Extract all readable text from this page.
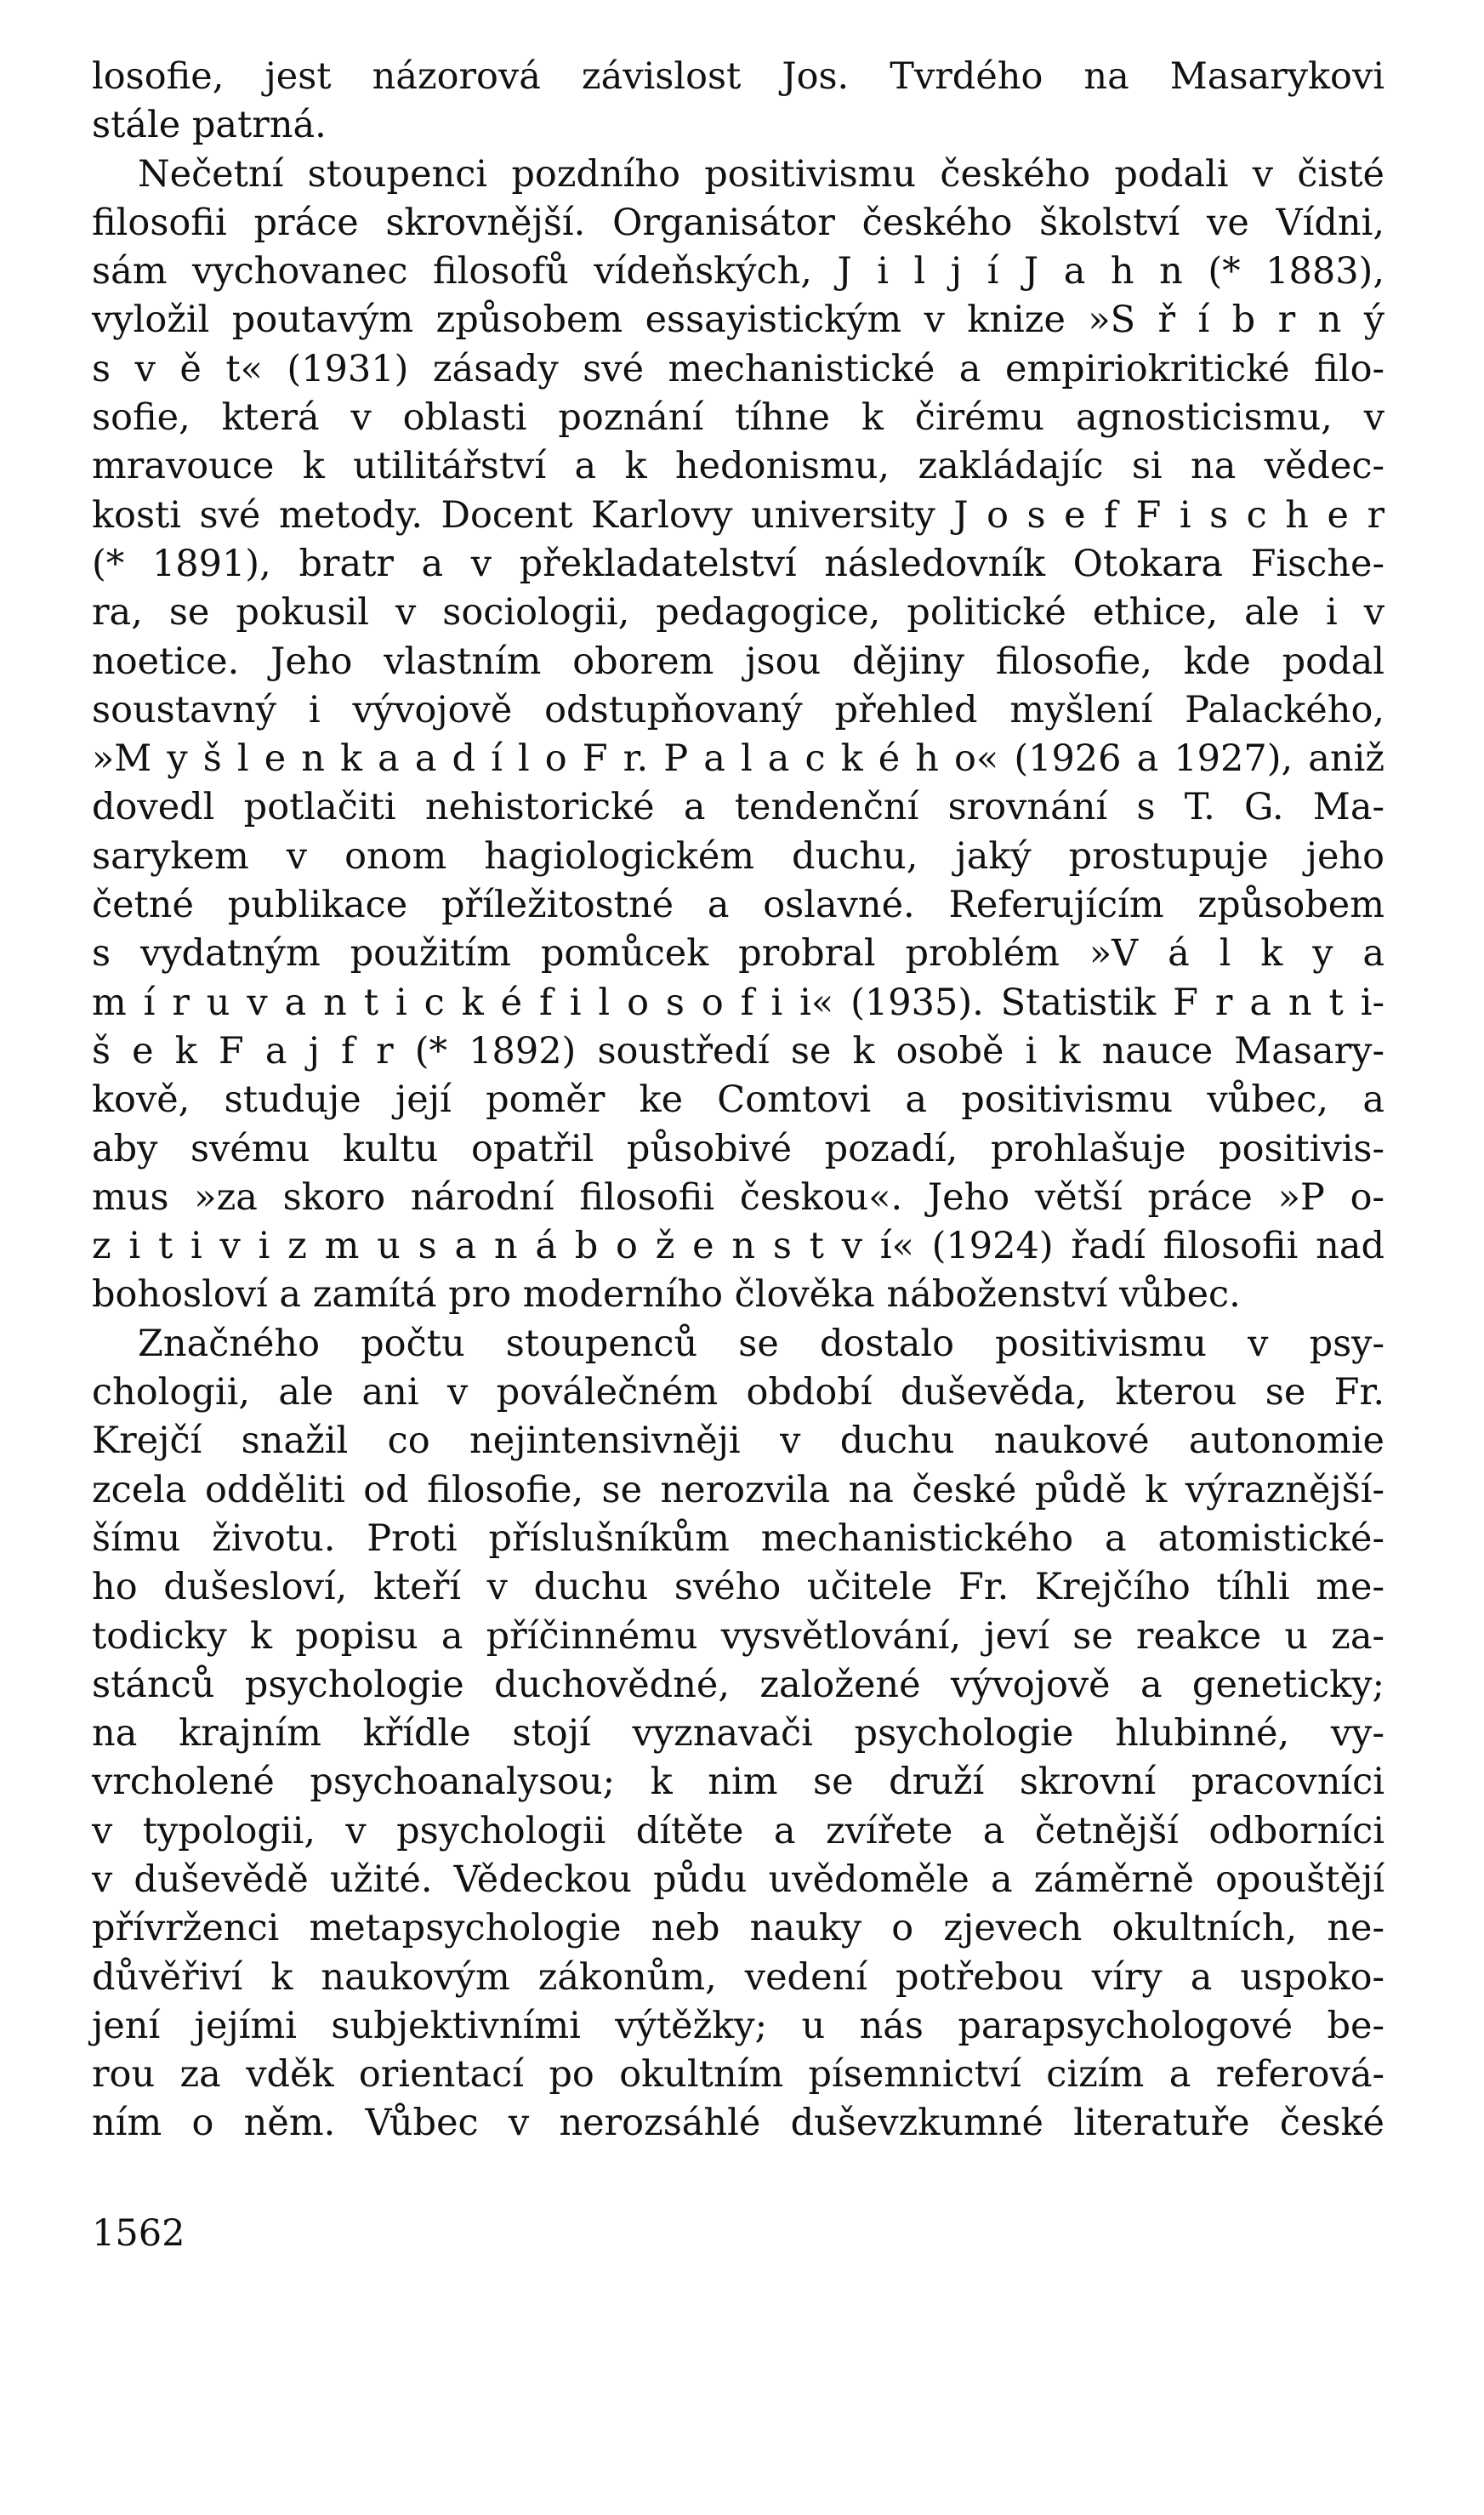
losofie, jest názorová závislost Jos. Tvrdého na Masarykovi
stále patrná.

Nečetní stoupenci pozdního positivismu českého podali v čisté
filosofii práce skrovnější. Organisátor českého školství ve Vídni,
sám vychovanec filosofů vídeňských, J i l j í J a h n (* 1883),
vyložil poutavým způsobem essayistickým v knize »S ř í b r n ý
s v ě t« (1931) zásady své mechanistické a empiriokritické filo-
sofie, která v oblasti poznání tíhne k čirému agnosticismu, v
mravouce k utilitářství a k hedonismu, zakládajíc si na vědec-
kosti své metody. Docent Karlovy university J o s e f F i s c h e r
(* 1891), bratr a v překladatelství následovník Otokara Fische-
ra, se pokusil v sociologii, pedagogice, politické ethice, ale i v
noetice. Jeho vlastním oborem jsou dějiny filosofie, kde podal
soustavný i vývojově odstupňovaný přehled myšlení Palackého,
»M y š l e n k a a d í l o F r. P a l a c k é h o« (1926 a 1927), aniž
dovedl potlačiti nehistorické a tendenční srovnání s T. G. Ma-
sarykem v onom hagiologickém duchu, jaký prostupuje jeho
četné publikace příležitostné a oslavné. Referujícím způsobem
s vydatným použitím pomůcek probral problém »V á l k y a
m í r u v a n t i c k é f i l o s o f i i« (1935). Statistik F r a n t i-
š e k F a j f r (* 1892) soustředí se k osobě i k nauce Masary-
kově, studuje její poměr ke Comtovi a positivismu vůbec, a
aby svému kultu opatřil působivé pozadí, prohlašuje positivis-
mus »za skoro národní filosofii českou«. Jeho větší práce »P o-
z i t i v i z m u s a n á b o ž e n s t v í« (1924) řadí filosofii nad
bohosloví a zamítá pro moderního člověka náboženství vůbec.

Značného počtu stoupenců se dostalo positivismu v psy-
chologii, ale ani v poválečném období duševěda, kterou se Fr.
Krejčí snažil co nejintensivněji v duchu naukové autonomie
zcela odděliti od filosofie, se nerozvila na české půdě k výraznější-
šímu životu. Proti příslušníkům mechanistického a atomistické-
ho dušesloví, kteří v duchu svého učitele Fr. Krejčího tíhli me-
todicky k popisu a příčinnému vysvětlování, jeví se reakce u za-
stánců psychologie duchovědné, založené vývojově a geneticky;
na krajním křídle stojí vyznavači psychologie hlubinné, vy-
vrcholené psychoanalysou; k nim se druží skrovní pracovníci
v typologii, v psychologii dítěte a zvířete a četnější odborníci
v duševědě užité. Vědeckou půdu uvědoměle a záměrně opouštějí
přívrženci metapsychologie neb nauky o zjevech okultních, ne-
důvěřiví k naukovým zákonům, vedení potřebou víry a uspoko-
jení jejími subjektivními výtěžky; u nás parapsychologové be-
rou za vděk orientací po okultním písemnictví cizím a referová-
ním o něm. Vůbec v nerozsáhlé duševzkumné literatuře české

1562
